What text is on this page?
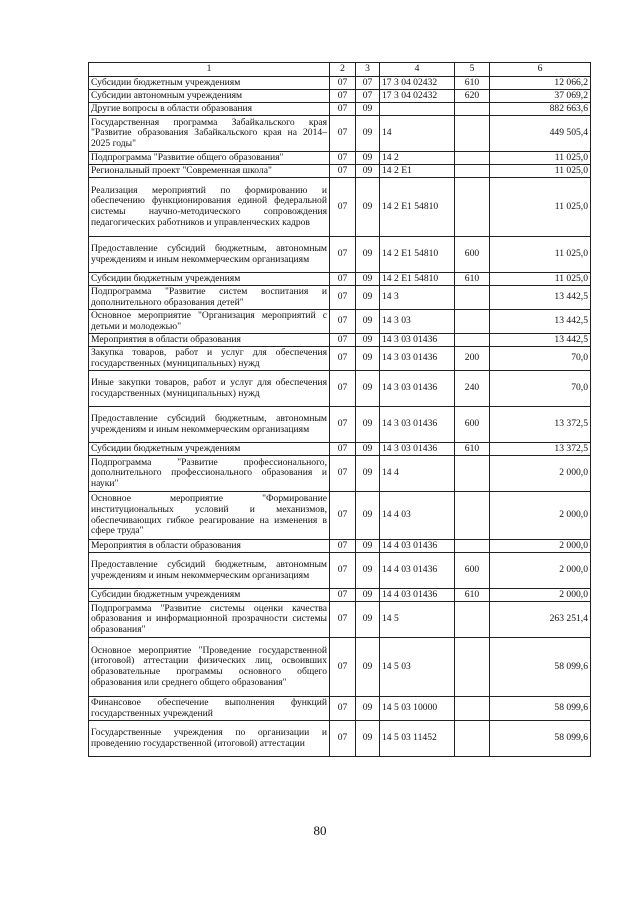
1	2	3	4	5	6
Субсидии бюджетным учреждениям	07	07	17 3 04 02432	610	12 066,2
Субсидии автономным учреждениям	07	07	17 3 04 02432	620	37 069,2
Другие вопросы в области образования	07	09			882 663,6
Государственная программа Забайкальского края "Развитие образования Забайкальского края на 2014–2025 годы"	07	09	14		449 505,4
Подпрограмма "Развитие общего образования"	07	09	14 2		11 025,0
Региональный проект "Современная школа"	07	09	14 2 E1		11 025,0
Реализация мероприятий по формированию и обеспечению функционирования единой федеральной системы научно-методического сопровождения педагогических работников и управленческих кадров	07	09	14 2 E1 54810		11 025,0
Предоставление субсидий бюджетным, автономным учреждениям и иным некоммерческим организациям	07	09	14 2 E1 54810	600	11 025,0
Субсидии бюджетным учреждениям	07	09	14 2 E1 54810	610	11 025,0
Подпрограмма "Развитие систем воспитания и дополнительного образования детей"	07	09	14 3		13 442,5
Основное мероприятие "Организация мероприятий с детьми и молодежью"	07	09	14 3 03		13 442,5
Мероприятия в области образования	07	09	14 3 03 01436		13 442,5
Закупка товаров, работ и услуг для обеспечения государственных (муниципальных) нужд	07	09	14 3 03 01436	200	70,0
Иные закупки товаров, работ и услуг для обеспечения государственных (муниципальных) нужд	07	09	14 3 03 01436	240	70,0
Предоставление субсидий бюджетным, автономным учреждениям и иным некоммерческим организациям	07	09	14 3 03 01436	600	13 372,5
Субсидии бюджетным учреждениям	07	09	14 3 03 01436	610	13 372,5
Подпрограмма "Развитие профессионального, дополнительного профессионального образования и науки"	07	09	14 4		2 000,0
Основное мероприятие "Формирование институциональных условий и механизмов, обеспечивающих гибкое реагирование на изменения в сфере труда"	07	09	14 4 03		2 000,0
Мероприятия в области образования	07	09	14 4 03 01436		2 000,0
Предоставление субсидий бюджетным, автономным учреждениям и иным некоммерческим организациям	07	09	14 4 03 01436	600	2 000,0
Субсидии бюджетным учреждениям	07	09	14 4 03 01436	610	2 000,0
Подпрограмма "Развитие системы оценки качества образования и информационной прозрачности системы образования"	07	09	14 5		263 251,4
Основное мероприятие "Проведение государственной (итоговой) аттестации физических лиц, освоивших образовательные программы основного общего образования или среднего общего образования"	07	09	14 5 03		58 099,6
Финансовое обеспечение выполнения функций государственных учреждений	07	09	14 5 03 10000		58 099,6
Государственные учреждения по организации и проведению государственной (итоговой) аттестации	07	09	14 5 03 11452		58 099,6
80
